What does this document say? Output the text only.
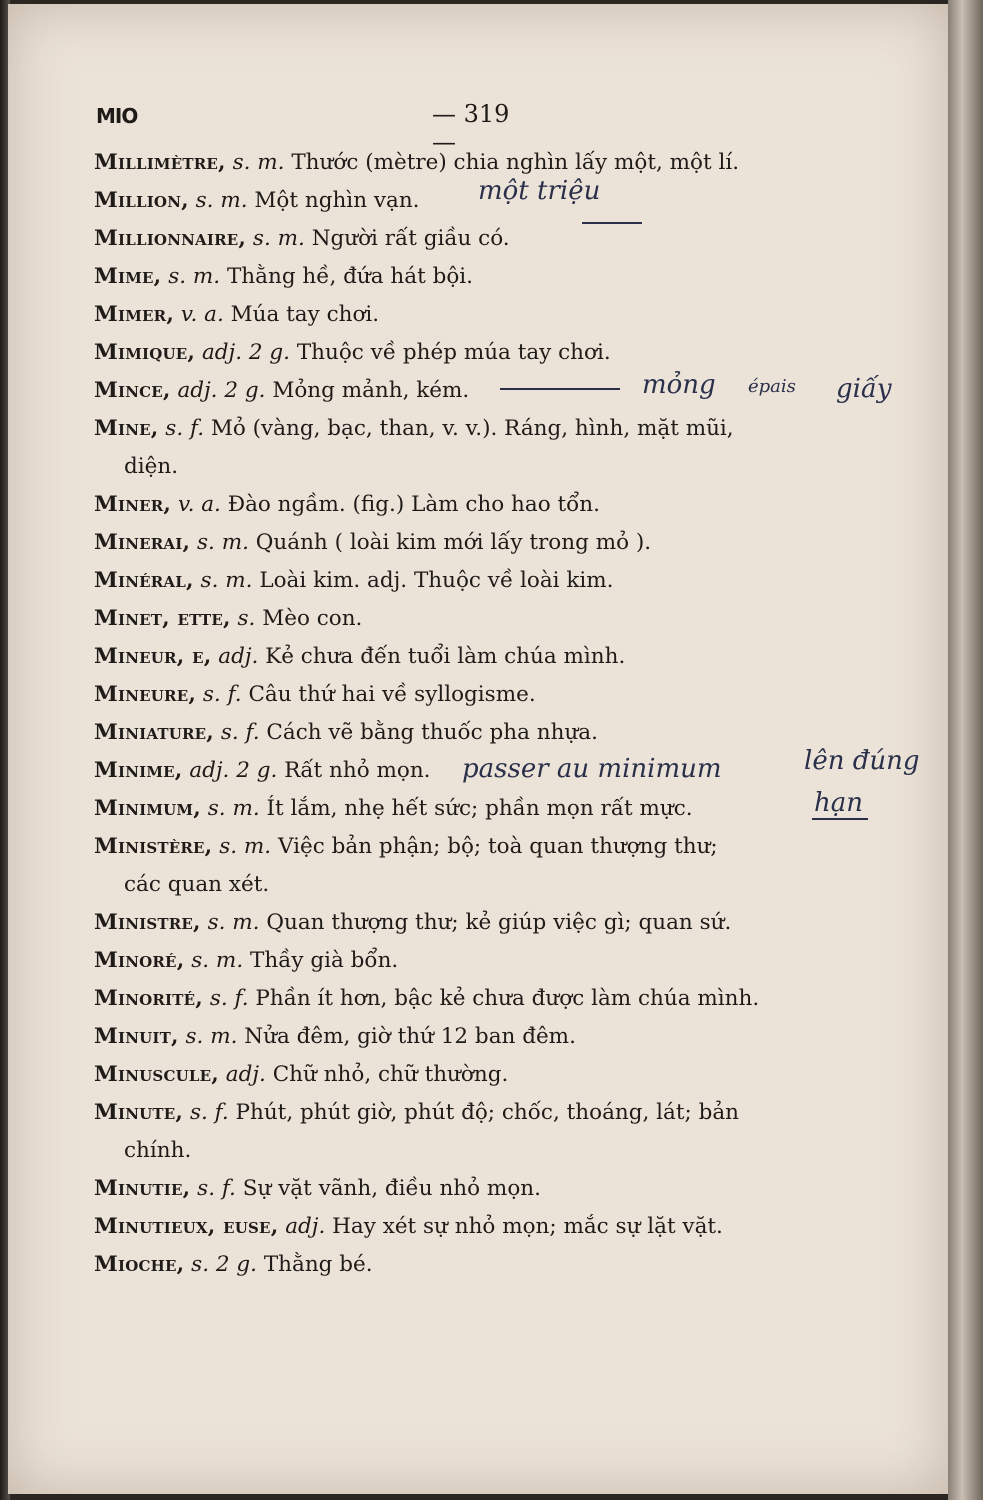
MIO	— 319 —
Millimètre, s. m. Thước (mètre) chia nghìn lấy một, một lí.
Million, s. m. Một nghìn vạn.
Millionnaire, s. m. Người rất giầu có.
Mime, s. m. Thằng hề, đứa hát bội.
Mimer, v. a. Múa tay chơi.
Mimique, adj. 2 g. Thuộc về phép múa tay chơi.
Mince, adj. 2 g. Mỏng mảnh, kém.
Mine, s. f. Mỏ (vàng, bạc, than, v. v.). Ráng, hình, mặt mũi,
diện.
Miner, v. a. Đào ngầm. (fig.) Làm cho hao tổn.
Minerai, s. m. Quánh ( loài kim mới lấy trong mỏ ).
Minéral, s. m. Loài kim. adj. Thuộc về loài kim.
Minet, ette, s. Mèo con.
Mineur, e, adj. Kẻ chưa đến tuổi làm chúa mình.
Mineure, s. f. Câu thứ hai về syllogisme.
Miniature, s. f. Cách vẽ bằng thuốc pha nhựa.
Minime, adj. 2 g. Rất nhỏ mọn.
Minimum, s. m. Ít lắm, nhẹ hết sức; phần mọn rất mực.
Ministère, s. m. Việc bản phận; bộ; toà quan thượng thư;
các quan xét.
Ministre, s. m. Quan thượng thư; kẻ giúp việc gì; quan sứ.
Minoré, s. m. Thầy già bổn.
Minorité, s. f. Phần ít hơn, bậc kẻ chưa được làm chúa mình.
Minuit, s. m. Nửa đêm, giờ thứ 12 ban đêm.
Minuscule, adj. Chữ nhỏ, chữ thường.
Minute, s. f. Phút, phút giờ, phút độ; chốc, thoáng, lát; bản
chính.
Minutie, s. f. Sự vặt vãnh, điều nhỏ mọn.
Minutieux, euse, adj. Hay xét sự nhỏ mọn; mắc sự lặt vặt.
Mioche, s. 2 g. Thằng bé.
một triệu
mỏng épais giấy
passer au minimum	lên đúng
hạn
